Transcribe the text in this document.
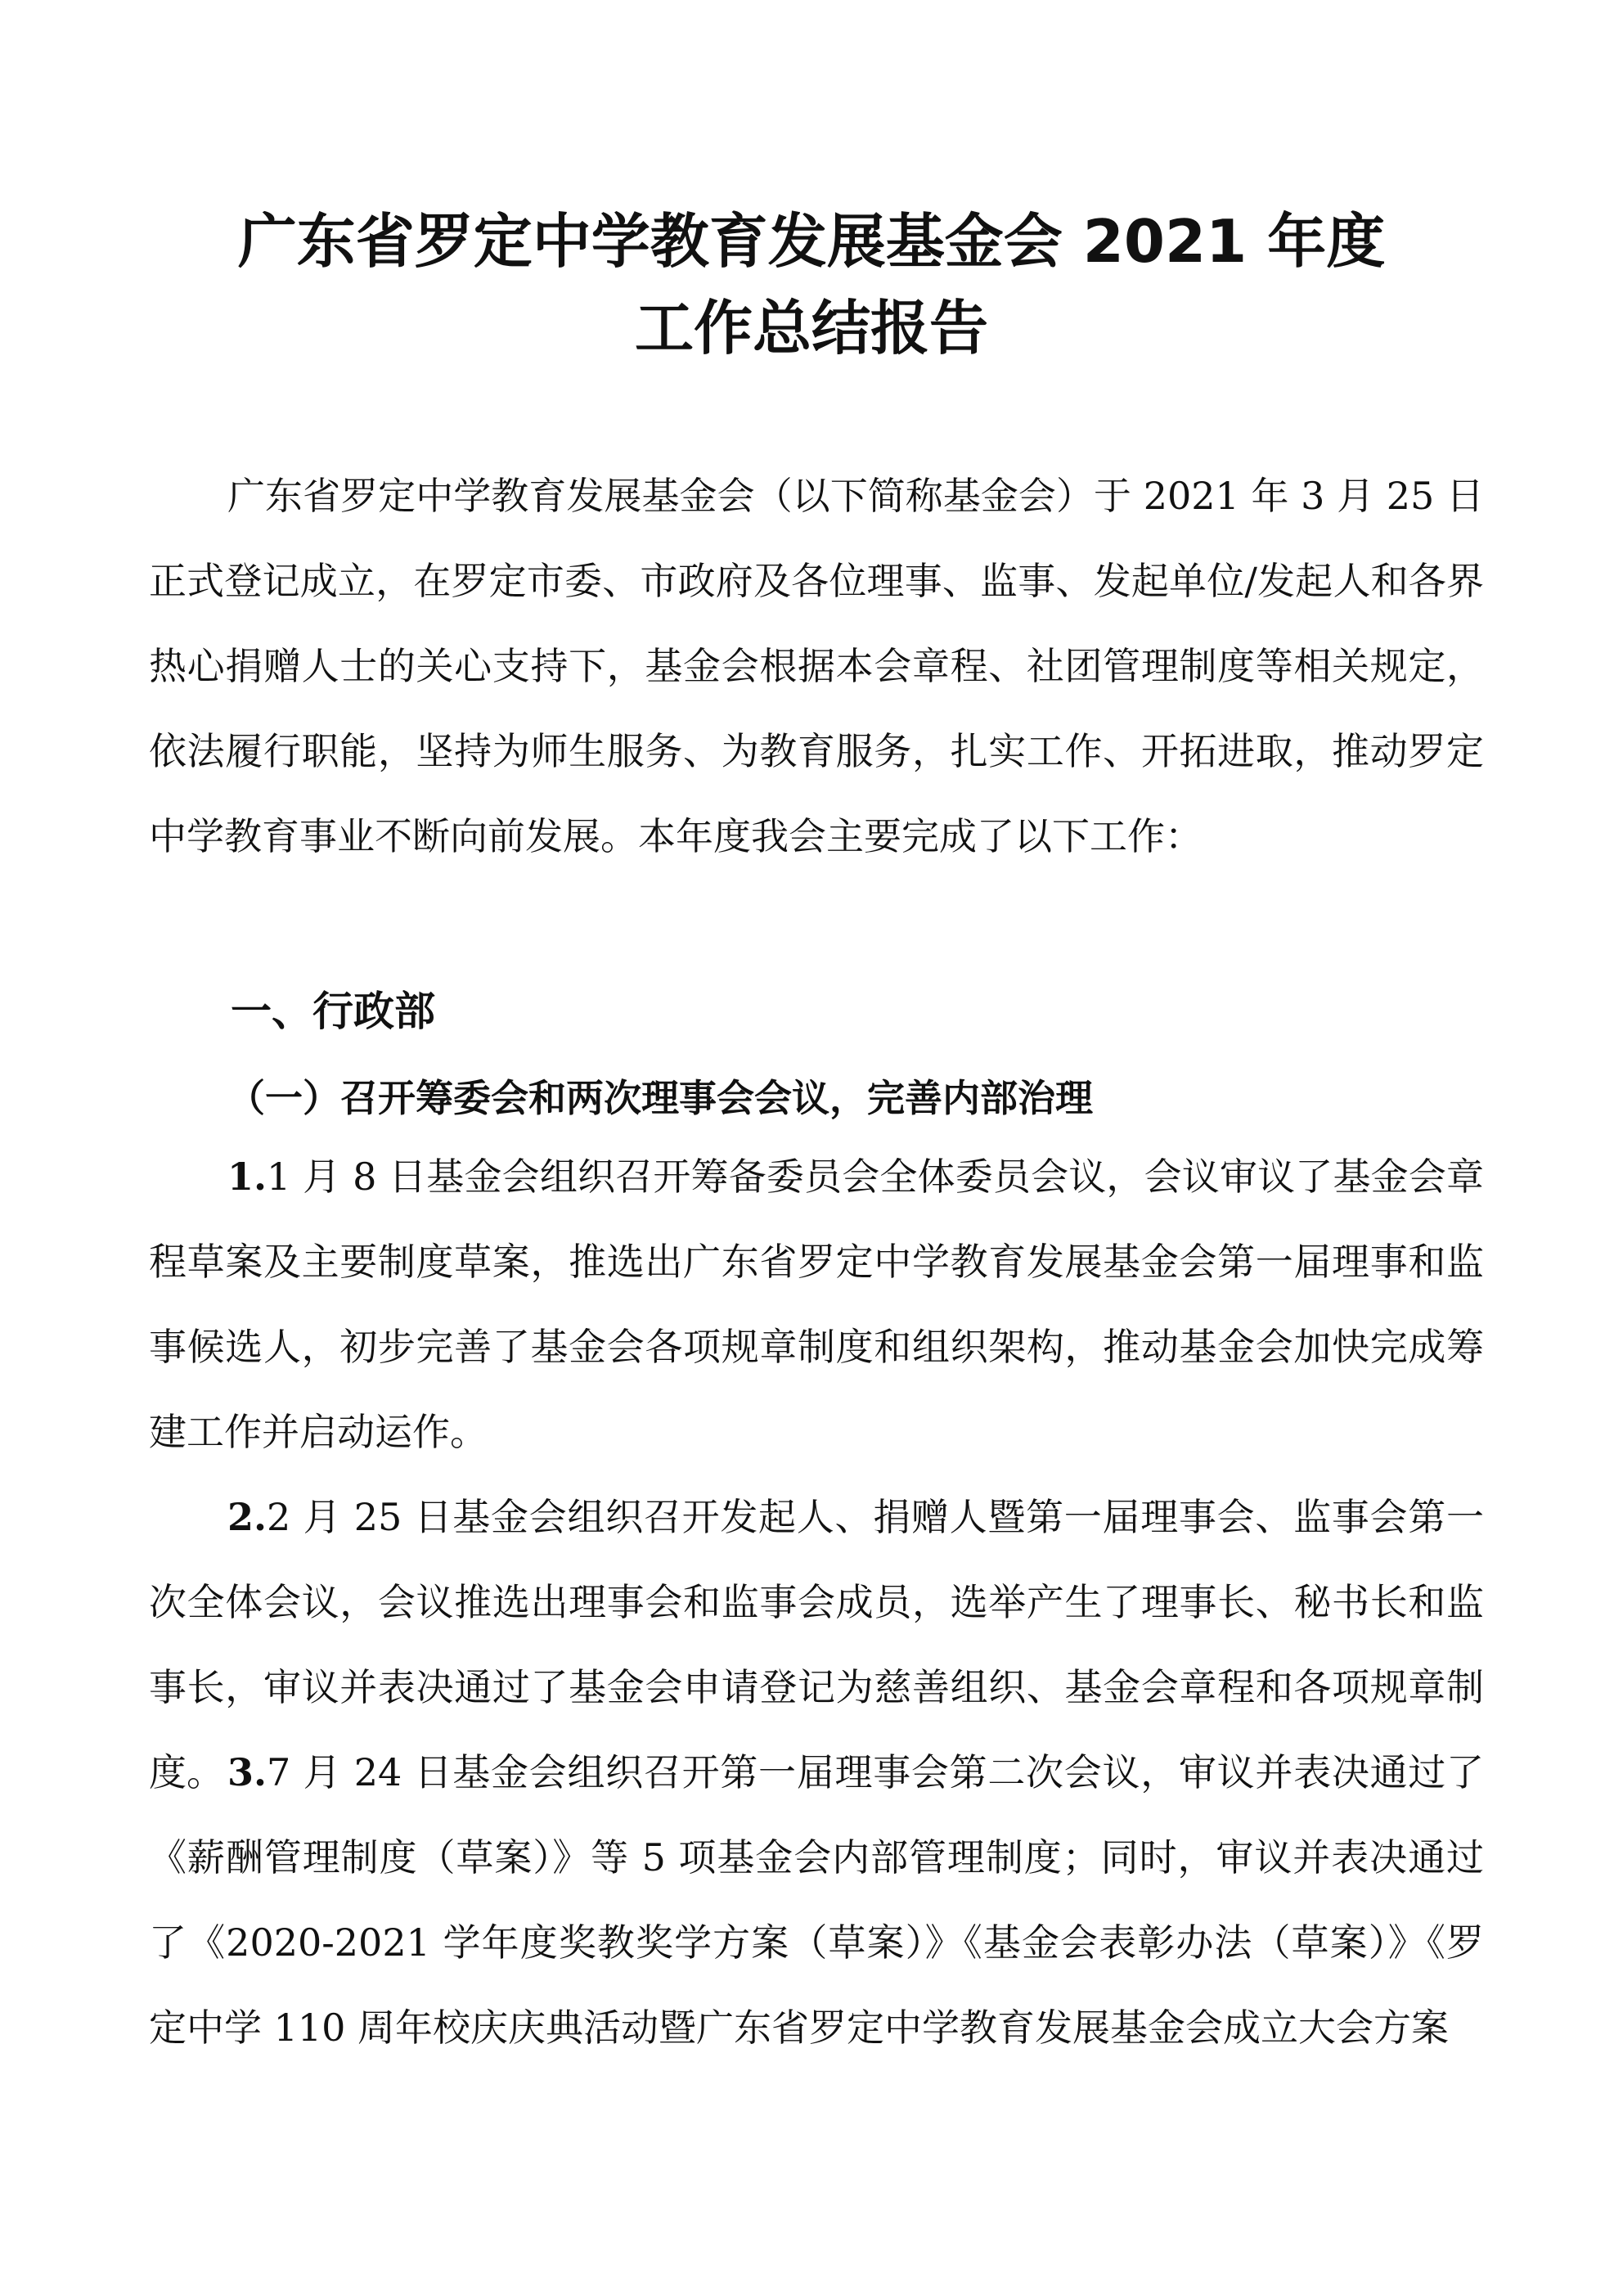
广东省罗定中学教育发展基金会 2021 年度
工作总结报告

广东省罗定中学教育发展基金会（以下简称基金会）于 2021 年 3 月 25 日正式登记成立，在罗定市委、市政府及各位理事、监事、发起单位/发起人和各界热心捐赠人士的关心支持下，基金会根据本会章程、社团管理制度等相关规定，依法履行职能，坚持为师生服务、为教育服务，扎实工作、开拓进取，推动罗定中学教育事业不断向前发展。本年度我会主要完成了以下工作：

一、行政部
（一）召开筹委会和两次理事会会议，完善内部治理

1.1 月 8 日基金会组织召开筹备委员会全体委员会议，会议审议了基金会章程草案及主要制度草案，推选出广东省罗定中学教育发展基金会第一届理事和监事候选人，初步完善了基金会各项规章制度和组织架构，推动基金会加快完成筹建工作并启动运作。

2.2 月 25 日基金会组织召开发起人、捐赠人暨第一届理事会、监事会第一次全体会议，会议推选出理事会和监事会成员，选举产生了理事长、秘书长和监事长，审议并表决通过了基金会申请登记为慈善组织、基金会章程和各项规章制度。 3.7 月 24 日基金会组织召开第一届理事会第二次会议，审议并表决通过了《薪酬管理制度（草案）》等 5 项基金会内部管理制度；同时，审议并表决通过了《2020-2021 学年度奖教奖学方案（草案）》《基金会表彰办法（草案）》《罗定中学 110 周年校庆庆典活动暨广东省罗定中学教育发展基金会成立大会方案
